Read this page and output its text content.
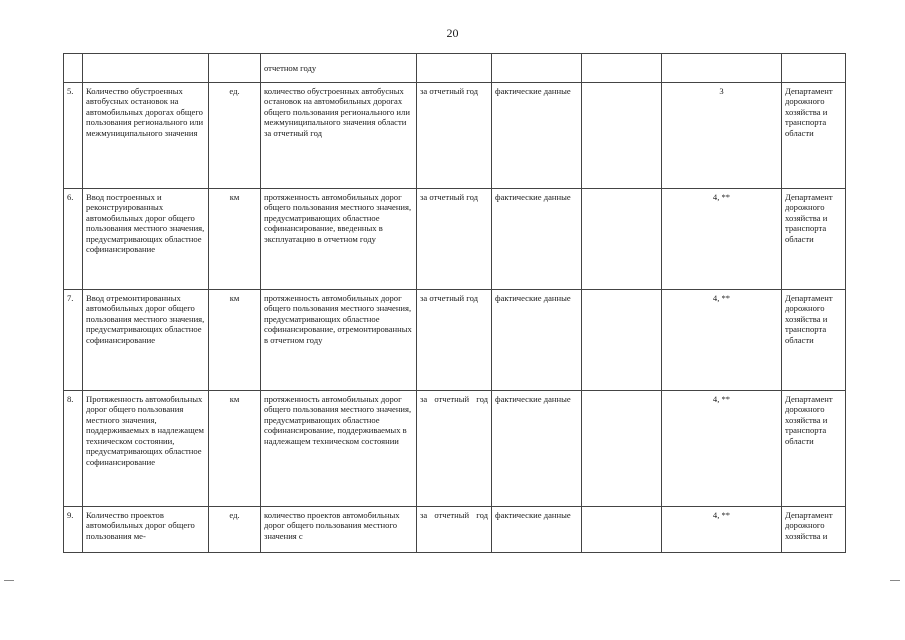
20
			отчетном году					
5.	Количество обустроенных автобусных остановок на автомобильных дорогах общего пользования регионального или межмуниципального значения	ед.	количество обустроенных автобусных остановок на автомобильных дорогах общего пользования регионального или межмуниципального значения области за отчетный год	за отчетный год	фактические данные		3	Департамент дорожного хозяйства и транспорта области
6.	Ввод построенных и реконструированных автомобильных дорог общего пользования местного значения, предусматривающих областное софинансирование	км	протяженность автомобильных дорог общего пользования местного значения, предусматривающих областное софинансирование, введенных в эксплуатацию в отчетном году	за отчетный год	фактические данные		4, **	Департамент дорожного хозяйства и транспорта области
7.	Ввод отремонтированных автомобильных дорог общего пользования местного значения, предусматривающих областное софинансирование	км	протяженность автомобильных дорог общего пользования местного значения, предусматривающих областное софинансирование, отремонтированных в отчетном году	за отчетный год	фактические данные		4, **	Департамент дорожного хозяйства и транспорта области
8.	Протяженность автомобильных дорог общего пользования местного значения, поддерживаемых в надлежащем техническом состоянии, предусматривающих областное софинансирование	км	протяженность автомобильных дорог общего пользования местного значения, предусматривающих областное софинансирование, поддерживаемых в надлежащем техническом состоянии	за отчетный год	фактические данные		4, **	Департамент дорожного хозяйства и транспорта области
9.	Количество проектов автомобильных дорог общего пользования ме-	ед.	количество проектов автомобильных дорог общего пользования местного значения с	за отчетный год	фактические данные		4, **	Департамент дорожного хозяйства и
